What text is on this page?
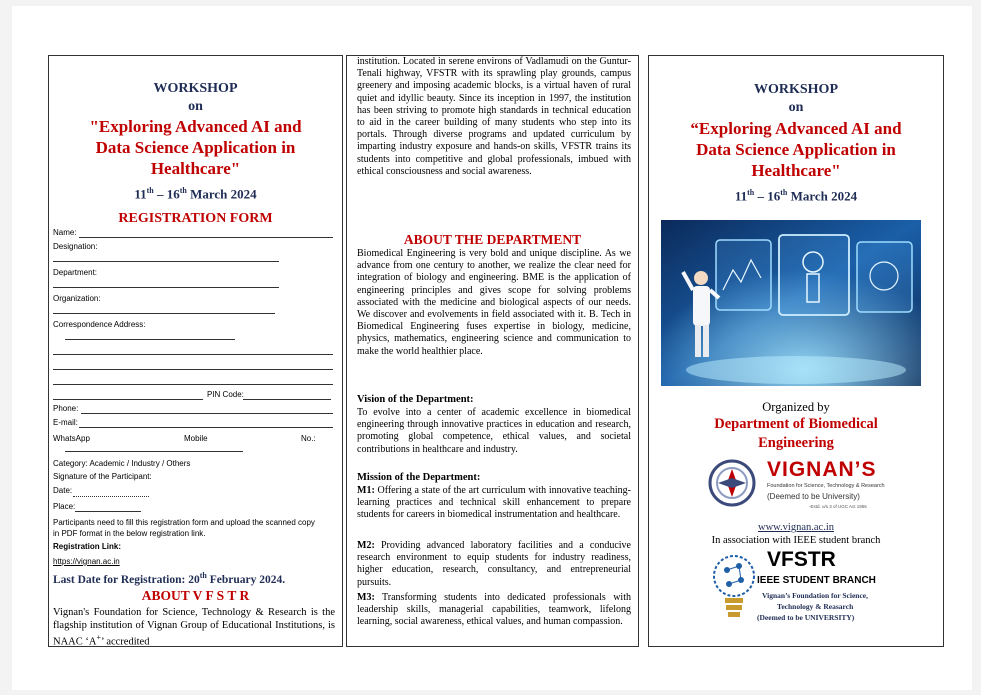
WORKSHOP
on
"Exploring Advanced AI and
Data Science Application in
Healthcare"
11th – 16th March 2024
REGISTRATION FORM
Name:
Designation:
Department:
Organization:
Correspondence Address:
PIN Code:
Phone:
E-mail:
WhatsApp	Mobile	No.:
Category: Academic / Industry / Others
Signature of the Participant:
Date:
Place:
Participants need to fill this registration form and upload the scanned copy in PDF format in the below registration link.
Registration Link:
https://vignan.ac.in
Last Date for Registration: 20th February 2024.
ABOUT V F S T R
Vignan's Foundation for Science, Technology & Research is the flagship institution of Vignan Group of Educational Institutions, is NAAC ‘A+’ accredited
institution. Located in serene environs of Vadlamudi on the Guntur-Tenali highway, VFSTR with its sprawling play grounds, campus greenery and imposing academic blocks, is a virtual haven of rural quiet and idyllic beauty. Since its inception in 1997, the institution has been striving to promote high standards in technical education to aid in the career building of many students who step into its portals. Through diverse programs and updated curriculum by imparting industry exposure and hands-on skills, VFSTR trains its students into competitive and global professionals, imbued with ethical consciousness and social awareness.
ABOUT THE DEPARTMENT
Biomedical Engineering is very bold and unique discipline. As we advance from one century to another, we realize the clear need for integration of biology and engineering. BME is the application of engineering principles and gives scope for solving problems associated with the medicine and biological aspects of our needs. We discover and evolvements in field associated with it. B. Tech in Biomedical Engineering fuses expertise in biology, medicine, physics, mathematics, engineering science and communication to make the world healthier place.
Vision of the Department:
To evolve into a center of academic excellence in biomedical engineering through innovative practices in education and research, promoting global competence, ethical values, and societal contributions in healthcare and industry.
Mission of the Department:
M1: Offering a state of the art curriculum with innovative teaching-learning practices and technical skill enhancement to prepare students for careers in biomedical instrumentation and healthcare.
M2: Providing advanced laboratory facilities and a conducive research environment to equip students for industry readiness, higher education, research, consultancy, and entrepreneurial pursuits.
M3: Transforming students into dedicated professionals with leadership skills, managerial capabilities, teamwork, lifelong learning, social awareness, ethical values, and human compassion.
WORKSHOP
on
“Exploring Advanced AI and
Data Science Application in
Healthcare"
11th – 16th March 2024
Organized by
Department of Biomedical
Engineering
VIGNAN’S
Foundation for Science, Technology & Research
(Deemed to be University)
-Estd. u/s 3 of UGC Act 1956
www.vignan.ac.in
In association with IEEE student branch
VFSTR
IEEE STUDENT BRANCH
Vignan’s Foundation for Science,
Technology & Reasarch
(Deemed to be UNIVERSITY)
